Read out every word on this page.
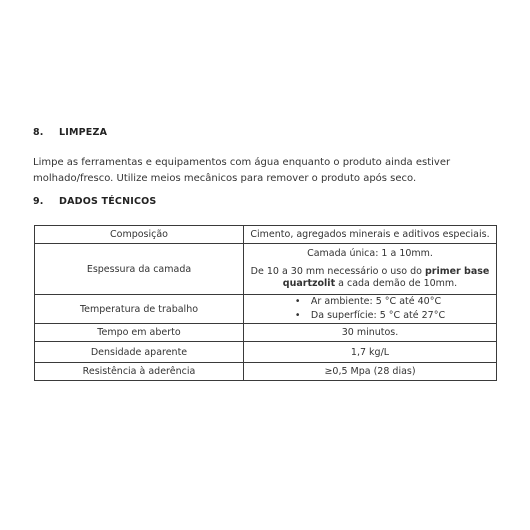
8. LIMPEZA
Limpe as ferramentas e equipamentos com água enquanto o produto ainda estiver
molhado/fresco. Utilize meios mecânicos para remover o produto após seco.
9. DADOS TÉCNICOS
Composição	Cimento, agregados minerais e aditivos especiais.
Espessura da camada	Camada única: 1 a 10mm.
De 10 a 30 mm necessário o uso do primer base
quartzolit a cada demão de 10mm.

Temperatura de trabalho	• Ar ambiente: 5 °C até 40°C
• Da superfície: 5 °C até 27°C

Tempo em aberto	30 minutos.
Densidade aparente	1,7 kg/L
Resistência à aderência	≥0,5 Mpa (28 dias)
